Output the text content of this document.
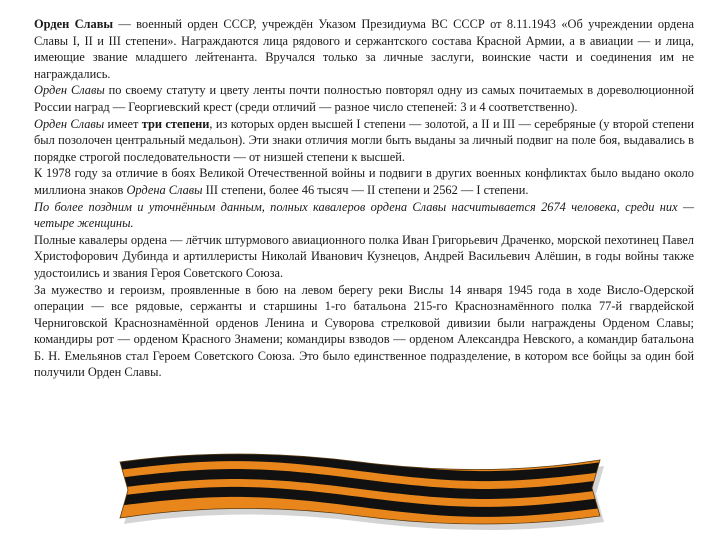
Орден Славы — военный орден СССР, учреждён Указом Президиума ВС СССР от 8.11.1943 «Об учреждении ордена Славы I, II и III степени». Награждаются лица рядового и сержантского состава Красной Армии, а в авиации — и лица, имеющие звание младшего лейтенанта. Вручался только за личные заслуги, воинские части и соединения им не награждались.

Орден Славы по своему статуту и цвету ленты почти полностью повторял одну из самых почитаемых в дореволюционной России наград — Георгиевский крест (среди отличий — разное число степеней: 3 и 4 соответственно).

Орден Славы имеет три степени, из которых орден высшей I степени — золотой, а II и III — серебряные (у второй степени был позолочен центральный медальон). Эти знаки отличия могли быть выданы за личный подвиг на поле боя, выдавались в порядке строгой последовательности — от низшей степени к высшей.

К 1978 году за отличие в боях Великой Отечественной войны и подвиги в других военных конфликтах было выдано около миллиона знаков Ордена Славы III степени, более 46 тысяч — II степени и 2562 — I степени.

По более поздним и уточнённым данным, полных кавалеров ордена Славы насчитывается 2674 человека, среди них — четыре женщины.

Полные кавалеры ордена — лётчик штурмового авиационного полка Иван Григорьевич Драченко, морской пехотинец Павел Христофорович Дубинда и артиллеристы Николай Иванович Кузнецов, Андрей Васильевич Алёшин, в годы войны также удостоились и звания Героя Советского Союза.

За мужество и героизм, проявленные в бою на левом берегу реки Вислы 14 января 1945 года в ходе Висло-Одерской операции — все рядовые, сержанты и старшины 1-го батальона 215-го Краснознамённого полка 77-й гвардейской Черниговской Краснознамённой орденов Ленина и Суворова стрелковой дивизии были награждены Орденом Славы; командиры рот — орденом Красного Знамени; командиры взводов — орденом Александра Невского, а командир батальона Б. Н. Емельянов стал Героем Советского Союза. Это было единственное подразделение, в котором все бойцы за один бой получили Орден Славы.
